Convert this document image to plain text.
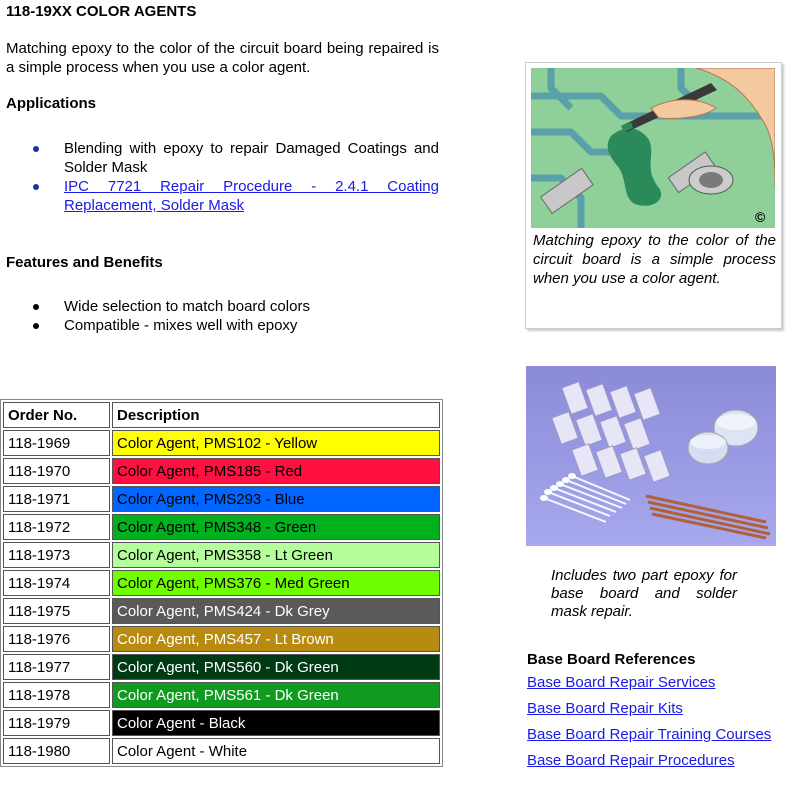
118-19XX COLOR AGENTS
Matching epoxy to the color of the circuit board being repaired is a simple process when you use a color agent.
Applications
Blending with epoxy to repair Damaged Coatings and Solder Mask
IPC 7721 Repair Procedure - 2.4.1 Coating Replacement, Solder Mask
Features and Benefits
Wide selection to match board colors
Compatible - mixes well with epoxy
Order No.	Description
118-1969	Color Agent, PMS102 - Yellow
118-1970	Color Agent, PMS185 - Red
118-1971	Color Agent, PMS293 - Blue
118-1972	Color Agent, PMS348 - Green
118-1973	Color Agent, PMS358 - Lt Green
118-1974	Color Agent, PMS376 - Med Green
118-1975	Color Agent, PMS424 - Dk Grey
118-1976	Color Agent, PMS457 - Lt Brown
118-1977	Color Agent, PMS560 - Dk Green
118-1978	Color Agent, PMS561 - Dk Green
118-1979	Color Agent - Black
118-1980	Color Agent - White
©
Matching epoxy to the color of the circuit board is a simple process when you use a color agent.
Includes two part epoxy for base board and solder mask repair.
Base Board References
Base Board Repair Services
Base Board Repair Kits
Base Board Repair Training Courses
Base Board Repair Procedures
